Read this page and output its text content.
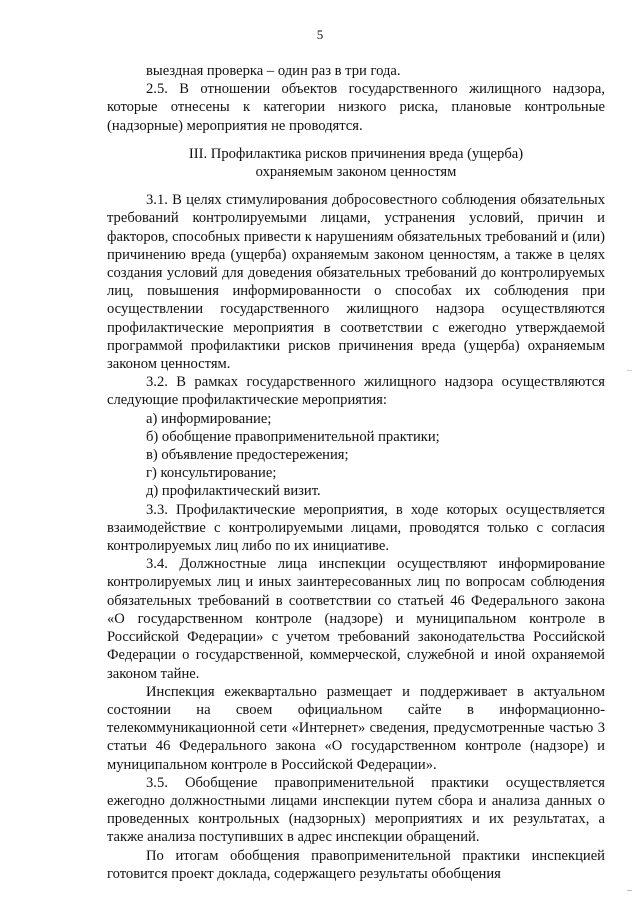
5

выездная проверка – один раз в три года.

2.5. В отношении объектов государственного жилищного надзора, которые отнесены к категории низкого риска, плановые контрольные (надзорные) мероприятия не проводятся.

III. Профилактика рисков причинения вреда (ущерба)
охраняемым законом ценностям

3.1. В целях стимулирования добросовестного соблюдения обязательных требований контролируемыми лицами, устранения условий, причин и факторов, способных привести к нарушениям обязательных требований и (или) причинению вреда (ущерба) охраняемым законом ценностям, а также в целях создания условий для доведения обязательных требований до контролируемых лиц, повышения информированности о способах их соблюдения при осуществлении государственного жилищного надзора осуществляются профилактические мероприятия в соответствии с ежегодно утверждаемой программой профилактики рисков причинения вреда (ущерба) охраняемым законом ценностям.

3.2. В рамках государственного жилищного надзора осуществляются следующие профилактические мероприятия:

а) информирование;

б) обобщение правоприменительной практики;

в) объявление предостережения;

г) консультирование;

д) профилактический визит.

3.3. Профилактические мероприятия, в ходе которых осуществляется взаимодействие с контролируемыми лицами, проводятся только с согласия контролируемых лиц либо по их инициативе.

3.4. Должностные лица инспекции осуществляют информирование контролируемых лиц и иных заинтересованных лиц по вопросам соблюдения обязательных требований в соответствии со статьей 46 Федерального закона «О государственном контроле (надзоре) и муниципальном контроле в Российской Федерации» с учетом требований законодательства Российской Федерации о государственной, коммерческой, служебной и иной охраняемой законом тайне.

Инспекция ежеквартально размещает и поддерживает в актуальном состоянии на своем официальном сайте в информационно-телекоммуникационной сети «Интернет» сведения, предусмотренные частью 3 статьи 46 Федерального закона «О государственном контроле (надзоре) и муниципальном контроле в Российской Федерации».

3.5. Обобщение правоприменительной практики осуществляется ежегодно должностными лицами инспекции путем сбора и анализа данных о проведенных контрольных (надзорных) мероприятиях и их результатах, а также анализа поступивших в адрес инспекции обращений.

По итогам обобщения правоприменительной практики инспекцией готовится проект доклада, содержащего результаты обобщения
